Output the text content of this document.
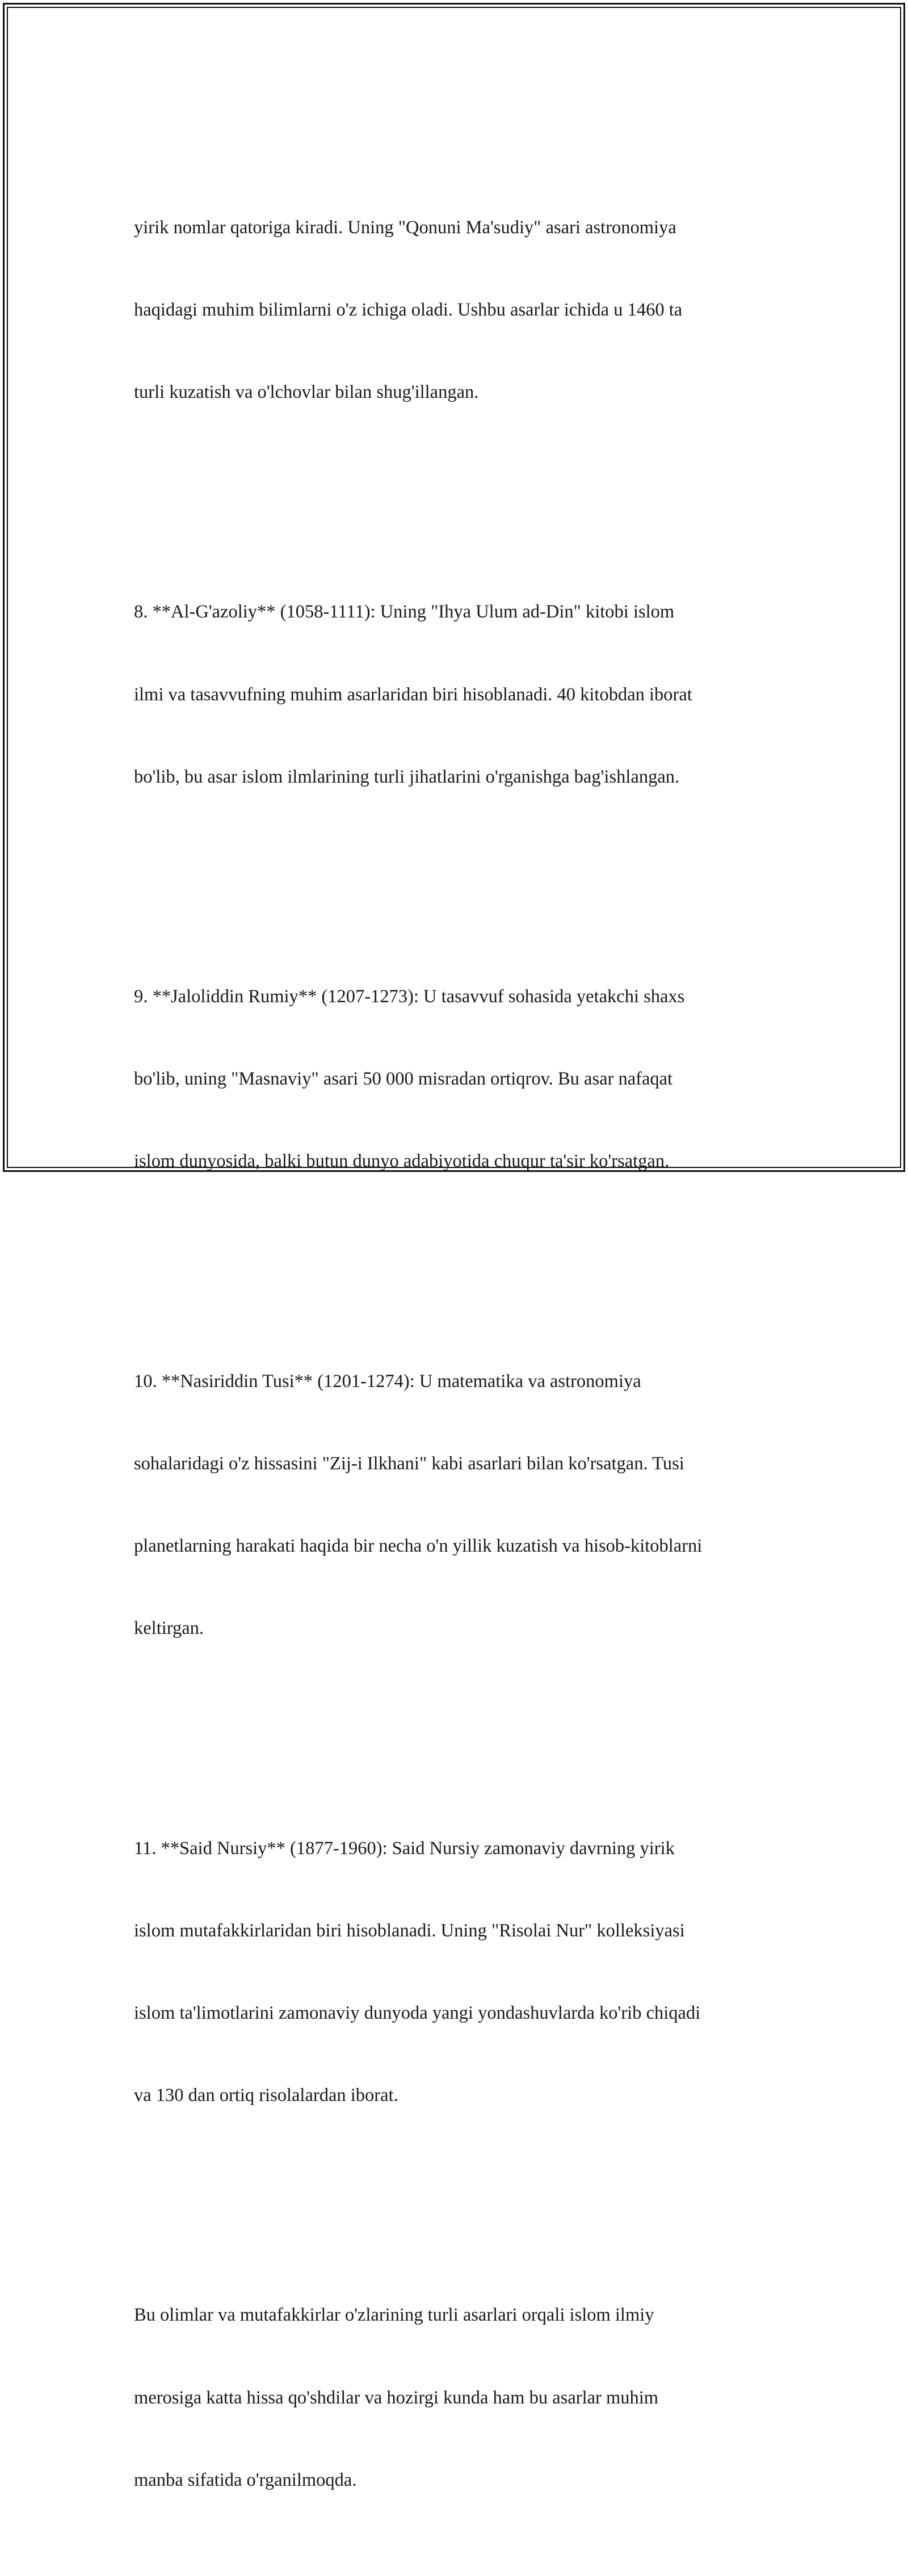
yirik nomlar qatoriga kiradi. Uning "Qonuni Ma'sudiy" asari astronomiya

haqidagi muhim bilimlarni o'z ichiga oladi. Ushbu asarlar ichida u 1460 ta

turli kuzatish va o'lchovlar bilan shug'illangan.

8. **Al-G'azoliy** (1058-1111): Uning "Ihya Ulum ad-Din" kitobi islom

ilmi va tasavvufning muhim asarlaridan biri hisoblanadi. 40 kitobdan iborat

bo'lib, bu asar islom ilmlarining turli jihatlarini o'rganishga bag'ishlangan.

9. **Jaloliddin Rumiy** (1207-1273): U tasavvuf sohasida yetakchi shaxs

bo'lib, uning "Masnaviy" asari 50 000 misradan ortiqrov. Bu asar nafaqat

islom dunyosida, balki butun dunyo adabiyotida chuqur ta'sir ko'rsatgan.

10. **Nasiriddin Tusi** (1201-1274): U matematika va astronomiya

sohalaridagi o'z hissasini "Zij-i Ilkhani" kabi asarlari bilan ko'rsatgan. Tusi

planetlarning harakati haqida bir necha o'n yillik kuzatish va hisob-kitoblarni

keltirgan.

11. **Said Nursiy** (1877-1960): Said Nursiy zamonaviy davrning yirik

islom mutafakkirlaridan biri hisoblanadi. Uning "Risolai Nur" kolleksiyasi

islom ta'limotlarini zamonaviy dunyoda yangi yondashuvlarda ko'rib chiqadi

va 130 dan ortiq risolalardan iborat.

Bu olimlar va mutafakkirlar o'zlarining turli asarlari orqali islom ilmiy

merosiga katta hissa qo'shdilar va hozirgi kunda ham bu asarlar muhim

manba sifatida o'rganilmoqda.
